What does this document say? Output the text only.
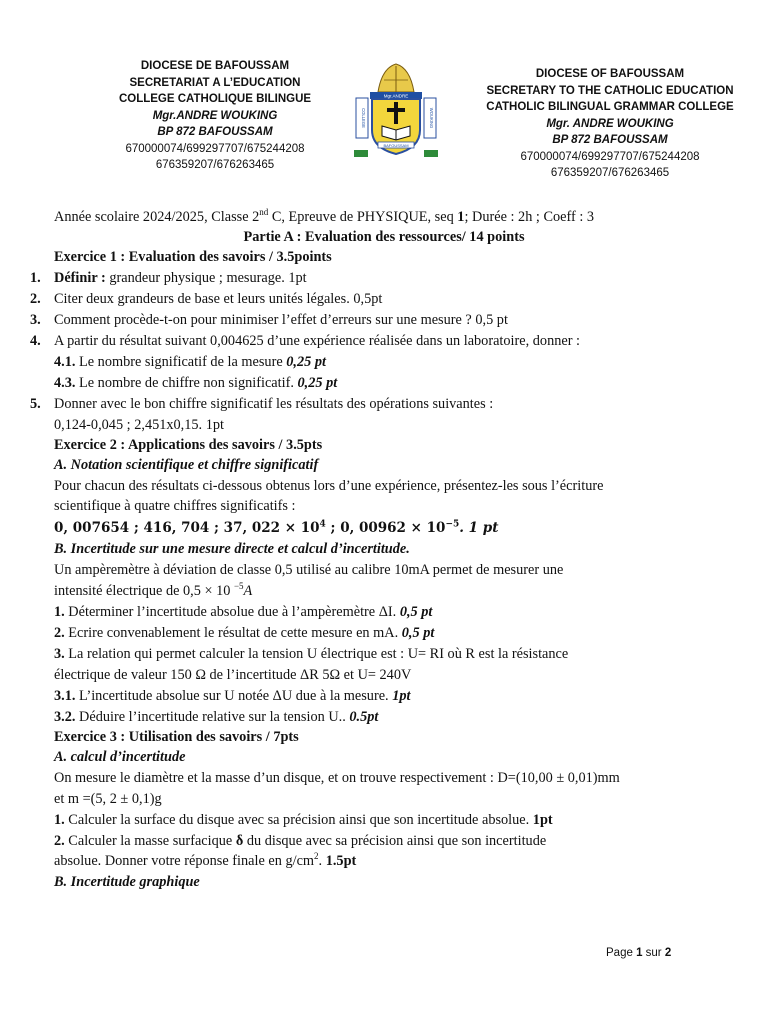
DIOCESE DE BAFOUSSAM
SECRETARIAT A L’EDUCATION
COLLEGE CATHOLIQUE BILINGUE
Mgr.ANDRE WOUKING
BP 872 BAFOUSSAM
670000074/699297707/675244208
676359207/676263465
Mgr.ANDRE
COLLEGE	WOUKING
BAFOUSSAM
DIOCESE OF BAFOUSSAM
SECRETARY TO THE CATHOLIC EDUCATION
CATHOLIC BILINGUAL GRAMMAR COLLEGE
Mgr. ANDRE WOUKING
BP 872 BAFOUSSAM
670000074/699297707/675244208
676359207/676263465
Année scolaire 2024/2025, Classe 2nd C, Epreuve de PHYSIQUE, seq 1; Durée : 2h ; Coeff : 3
Partie A : Evaluation des ressources/ 14 points
Exercice 1 : Evaluation des savoirs / 3.5points
1. Définir : grandeur physique ; mesurage. 1pt
2. Citer deux grandeurs de base et leurs unités légales. 0,5pt
3. Comment procède-t-on pour minimiser l’effet d’erreurs sur une mesure ? 0,5 pt
4. A partir du résultat suivant 0,004625 d’une expérience réalisée dans un laboratoire, donner :
4.1. Le nombre significatif de la mesure 0,25 pt
4.3. Le nombre de chiffre non significatif. 0,25 pt
5. Donner avec le bon chiffre significatif les résultats des opérations suivantes :
0,124-0,045 ; 2,451x0,15. 1pt
Exercice 2 : Applications des savoirs / 3.5pts
A. Notation scientifique et chiffre significatif
Pour chacun des résultats ci-dessous obtenus lors d’une expérience, présentez-les sous l’écriture
scientifique à quatre chiffres significatifs :
0, 007654 ; 416, 704 ; 37, $022 \times 10^4$ ; 0, $00962 \times 10^{-5}$. 1 pt
B. Incertitude sur une mesure directe et calcul d’incertitude.
Un ampèremètre à déviation de classe 0,5 utilisé au calibre 10mA permet de mesurer une
intensité électrique de 0,5 × 10 $^{-5}$A
1. Déterminer l’incertitude absolue due à l’ampèremètre ΔI. 0,5 pt
2. Ecrire convenablement le résultat de cette mesure en mA. 0,5 pt
3. La relation qui permet calculer la tension U électrique est : U= RI où R est la résistance
électrique de valeur 150 Ω de l’incertitude ΔR 5Ω et U= 240V
3.1. L’incertitude absolue sur U notée ΔU due à la mesure. 1pt
3.2. Déduire l’incertitude relative sur la tension U.. 0.5pt
Exercice 3 : Utilisation des savoirs / 7pts
A. calcul d’incertitude
On mesure le diamètre et la masse d’un disque, et on trouve respectivement : D=(10,00 ± 0,01)mm
et m =(5, 2 ± 0,1)g
1. Calculer la surface du disque avec sa précision ainsi que son incertitude absolue. 1pt
2. Calculer la masse surfacique δ du disque avec sa précision ainsi que son incertitude
absolue. Donner votre réponse finale en $g/cm^2$. 1.5pt
B. Incertitude graphique
Page 1 sur 2
